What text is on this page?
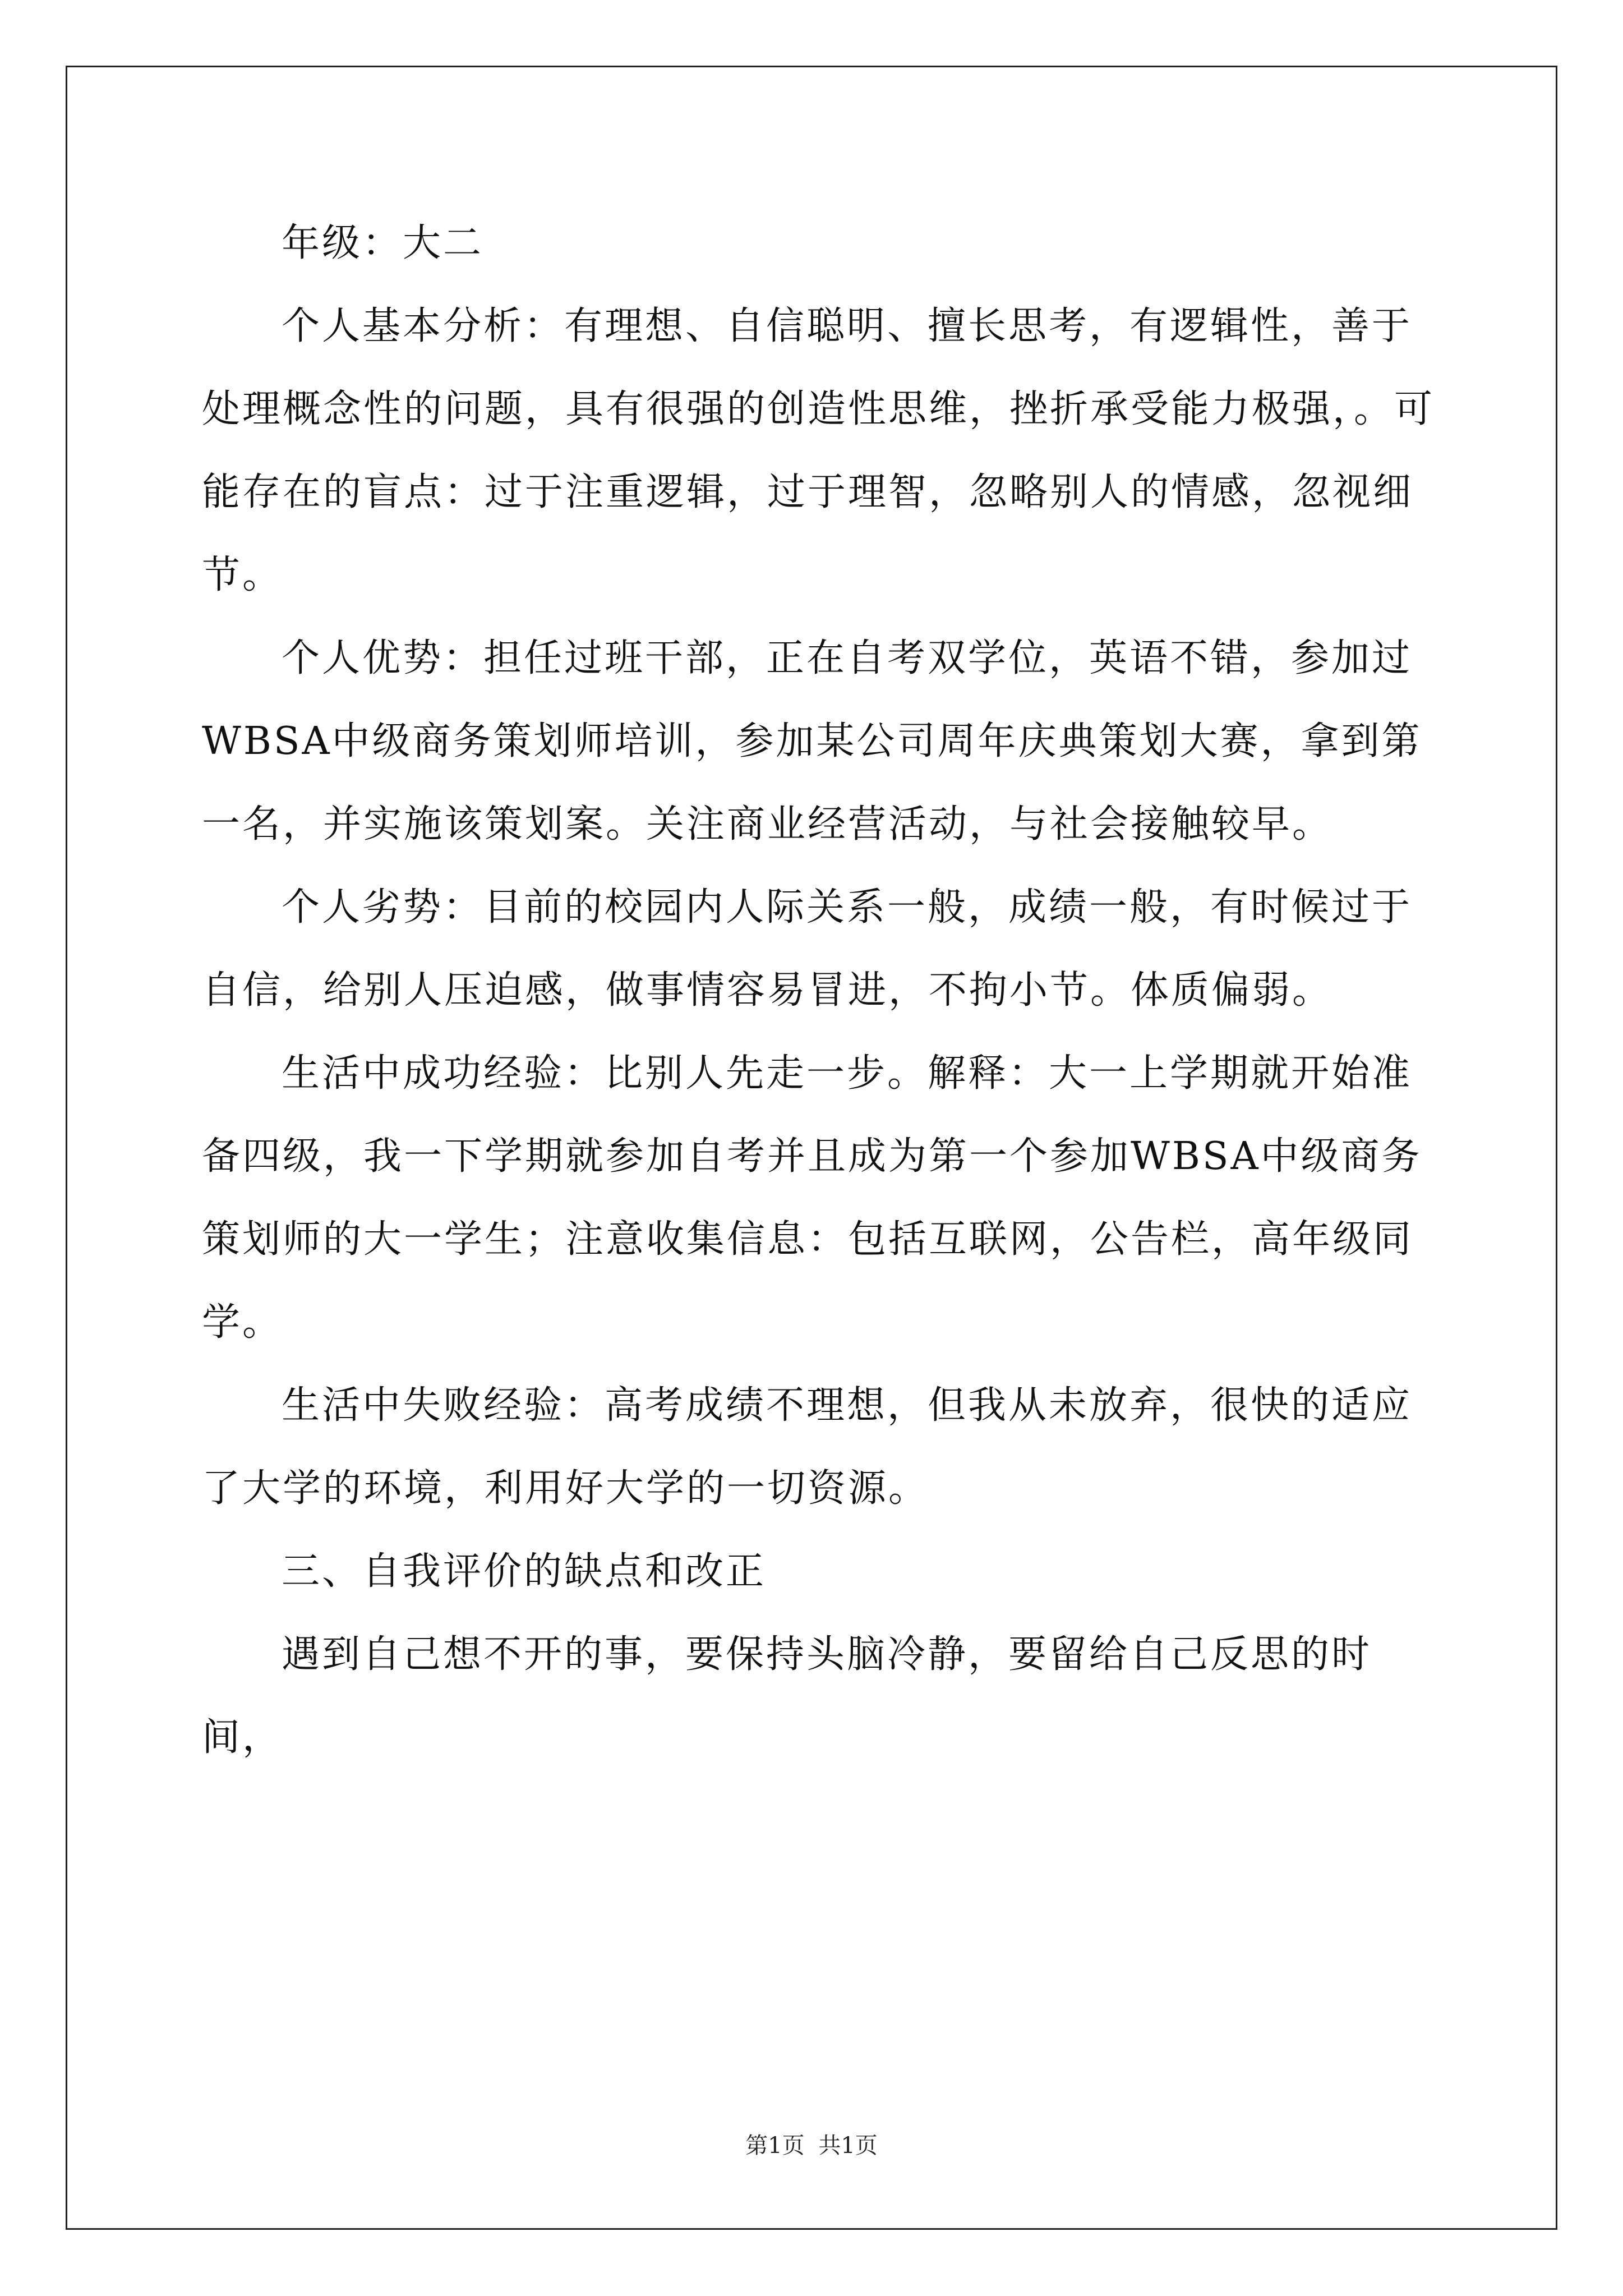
年级：大二

个人基本分析：有理想、自信聪明、擅长思考，有逻辑性，善于处理概念性的问题，具有很强的创造性思维，挫折承受能力极强，。可能存在的盲点：过于注重逻辑，过于理智，忽略别人的情感，忽视细节。

个人优势：担任过班干部，正在自考双学位，英语不错，参加过WBSA中级商务策划师培训，参加某公司周年庆典策划大赛，拿到第一名，并实施该策划案。关注商业经营活动，与社会接触较早。

个人劣势：目前的校园内人际关系一般，成绩一般，有时候过于自信，给别人压迫感，做事情容易冒进，不拘小节。体质偏弱。

生活中成功经验：比别人先走一步。解释：大一上学期就开始准备四级，我一下学期就参加自考并且成为第一个参加WBSA中级商务策划师的大一学生；注意收集信息：包括互联网，公告栏，高年级同学。

生活中失败经验：高考成绩不理想，但我从未放弃，很快的适应了大学的环境，利用好大学的一切资源。

三、自我评价的缺点和改正

遇到自己想不开的事，要保持头脑冷静，要留给自己反思的时间，

第1页 共1页
